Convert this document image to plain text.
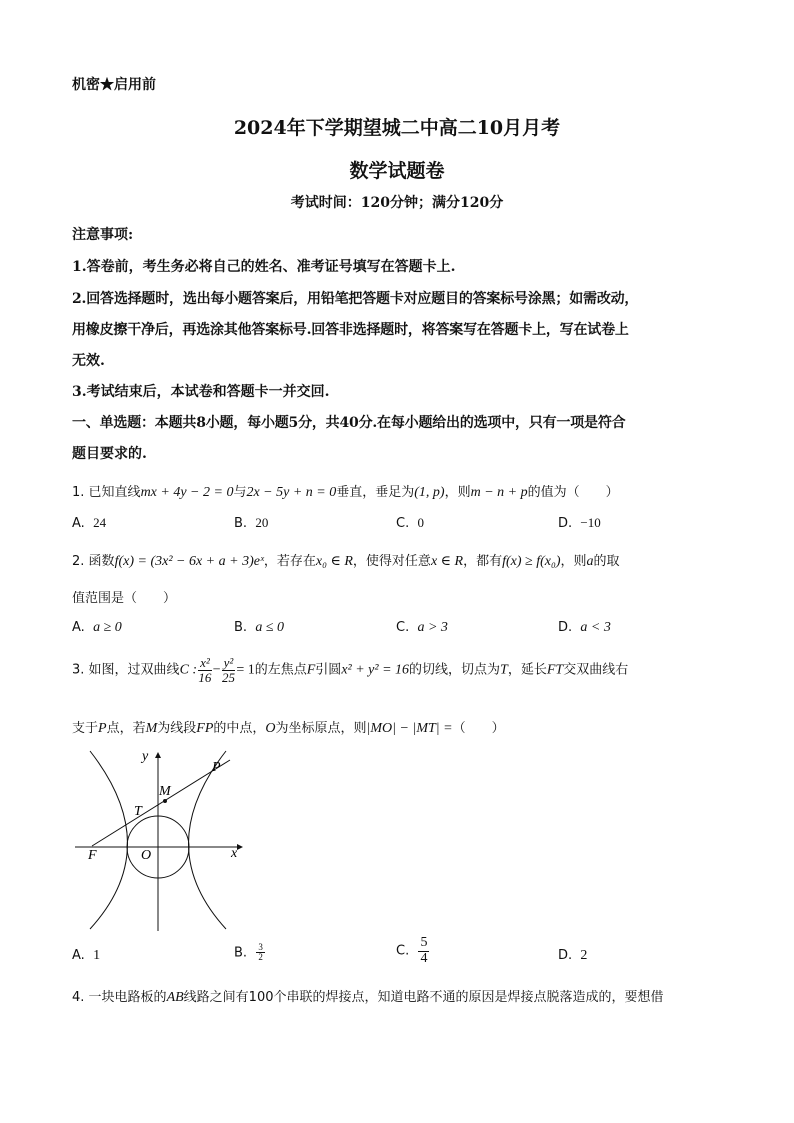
机密★启用前
2024年下学期望城二中高二10月月考
数学试题卷
考试时间：120分钟；满分120分
注意事项:
1.答卷前，考生务必将自己的姓名、准考证号填写在答题卡上.
2.回答选择题时，选出每小题答案后，用铅笔把答题卡对应题目的答案标号涂黑；如需改动，
用橡皮擦干净后，再选涂其他答案标号.回答非选择题时，将答案写在答题卡上，写在试卷上
无效.
3.考试结束后，本试卷和答题卡一并交回.
一、单选题：本题共8小题，每小题5分，共40分.在每小题给出的选项中，只有一项是符合
题目要求的.
1. 已知直线mx + 4y − 2 = 0与2x − 5y + n = 0垂直，垂足为(1, p)，则m − n + p的值为（　　）
A. 24	B. 20	C. 0	D. −10
2. 函数f(x) = (3x² − 6x + a + 3)eˣ，若存在x₀ ∈ R，使得对任意x ∈ R，都有f(x) ≥ f(x₀)，则a的取
值范围是（　　）
A. a ≥ 0	B. a ≤ 0	C. a > 3	D. a < 3
3. 如图，过双曲线C : $\frac{\text{x²}}{16} - \frac{\text{y²}}{25} = 1$的左焦点F引圆x² + y² = 16的切线，切点为T，延长FT交双曲线右
支于P点，若M为线段FP的中点，O为坐标原点，则|MO| − |MT| =（　　）
y
x
P
M
T
F	O
A. 1	B. $\frac{3}{2}$	C. $\frac{5}{4}$	D. 2
4. 一块电路板的AB线路之间有100个串联的焊接点，知道电路不通的原因是焊接点脱落造成的，要想借
